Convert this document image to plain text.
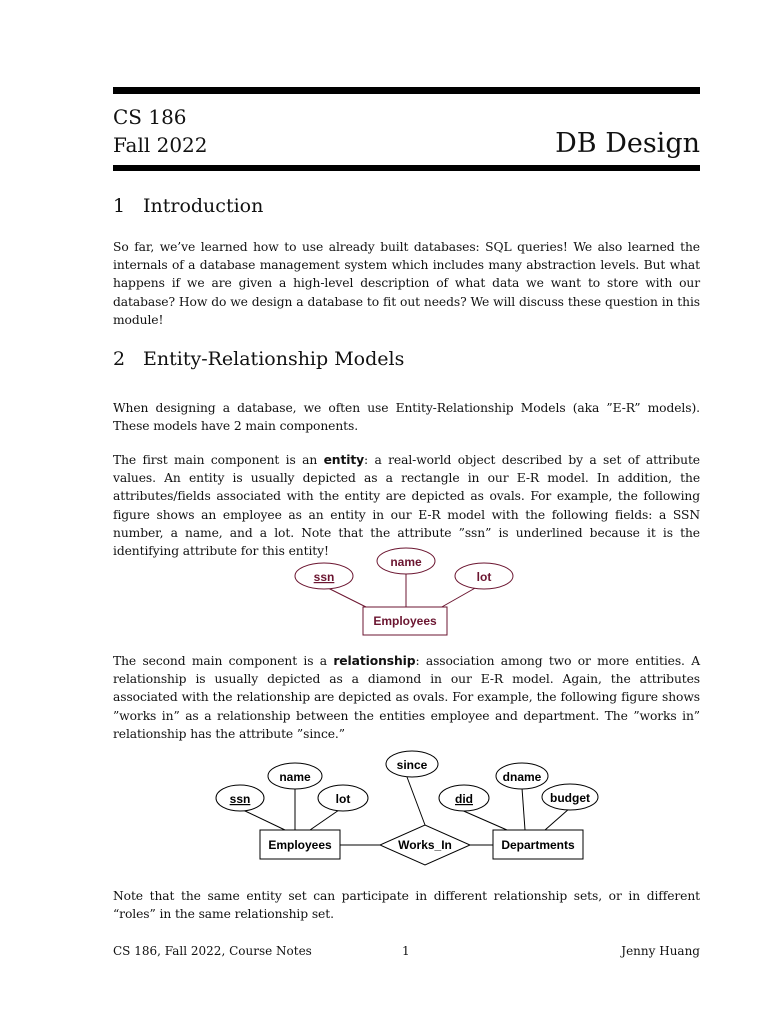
CS 186
Fall 2022	DB Design
1 Introduction

So far, we’ve learned how to use already built databases: SQL queries! We also learned the internals of a database management system which includes many abstraction levels. But what happens if we are given a high-level description of what data we want to store with our database? How do we design a database to fit out needs? We will discuss these question in this module!

2 Entity-Relationship Models

When designing a database, we often use Entity-Relationship Models (aka ”E-R” models). These models have 2 main components.

The first main component is an entity: a real-world object described by a set of attribute values. An entity is usually depicted as a rectangle in our E-R model. In addition, the attributes/fields associated with the entity are depicted as ovals. For example, the following figure shows an employee as an entity in our E-R model with the following fields: a SSN number, a name, and a lot. Note that the attribute ”ssn” is underlined because it is the identifying attribute for this entity!

ssn
name
lot
Employees

The second main component is a relationship: association among two or more entities. A relationship is usually depicted as a diamond in our E-R model. Again, the attributes associated with the relationship are depicted as ovals. For example, the following figure shows ”works in” as a relationship between the entities employee and department. The ”works in” relationship has the attribute ”since.”

ssn
name
lot
Employees
since
Works_In
did
dname
budget
Departments

Note that the same entity set can participate in different relationship sets, or in different “roles” in the same relationship set.

CS 186, Fall 2022, Course Notes	1	Jenny Huang
